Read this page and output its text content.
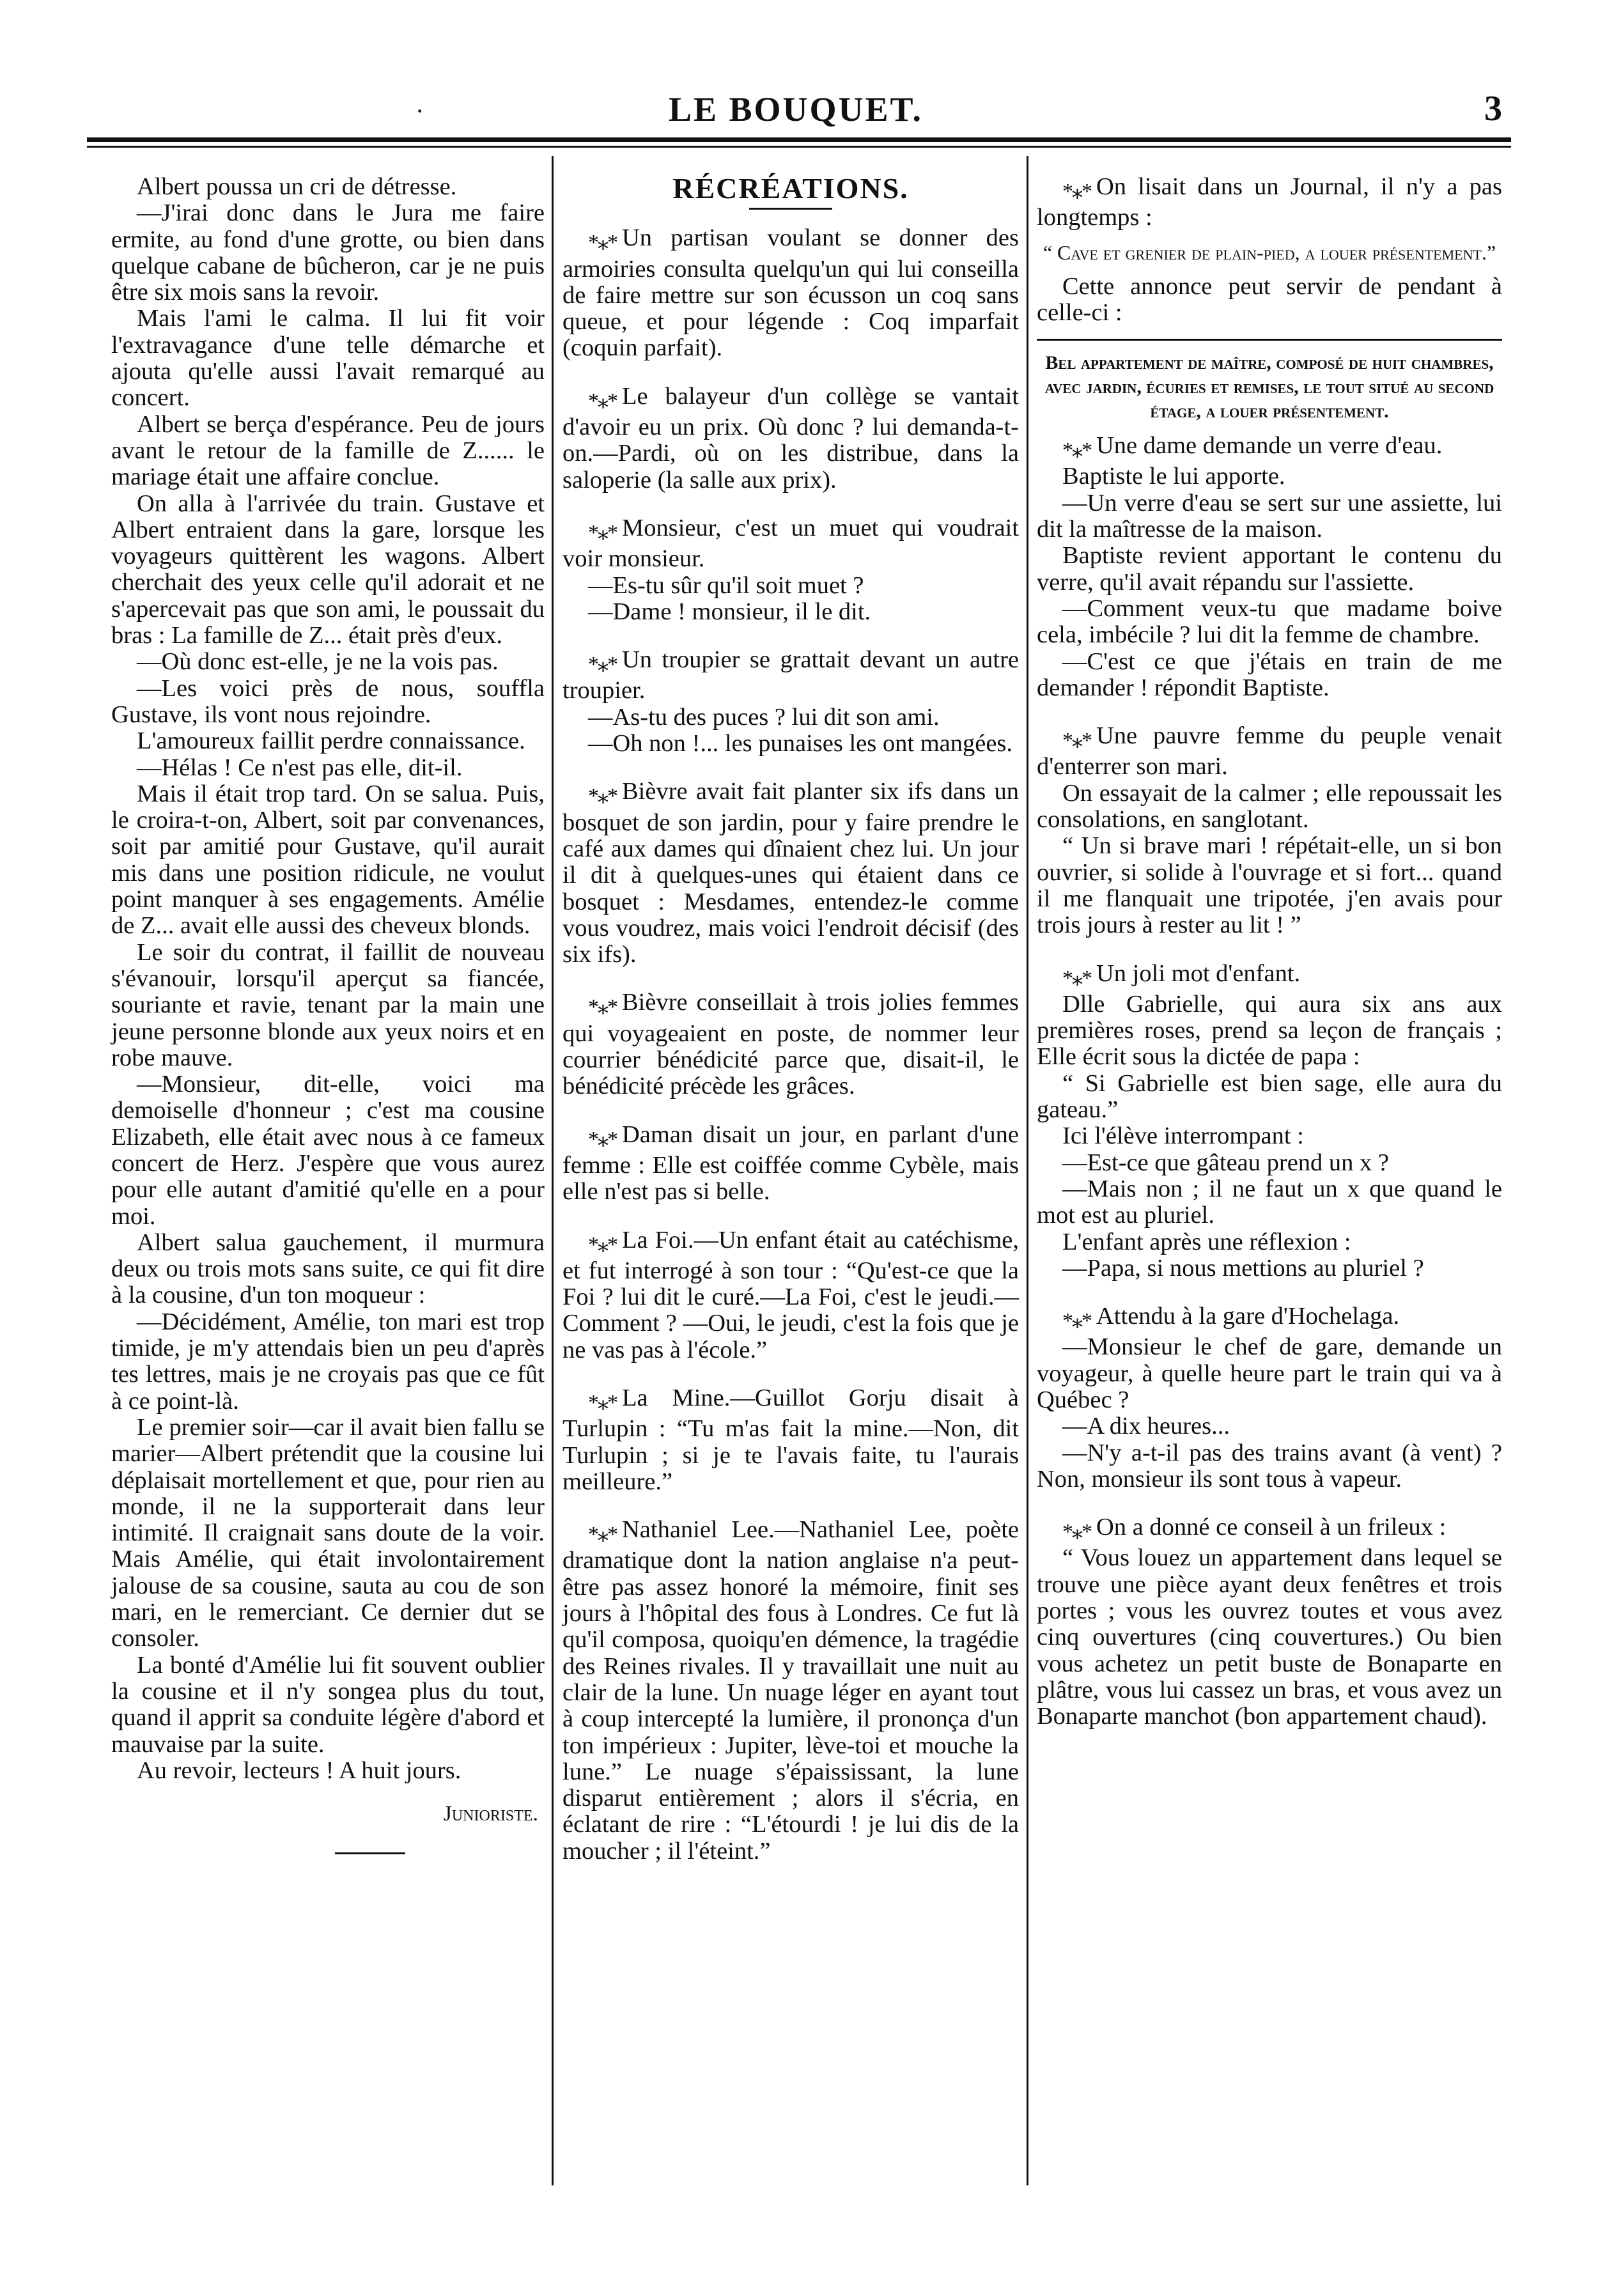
·	LE BOUQUET.	3

Albert poussa un cri de détresse.

—J'irai donc dans le Jura me faire ermite, au fond d'une grotte, ou bien dans quelque cabane de bûcheron, car je ne puis être six mois sans la revoir.

Mais l'ami le calma. Il lui fit voir l'extravagance d'une telle démarche et ajouta qu'elle aussi l'avait remarqué au concert.

Albert se berça d'espérance. Peu de jours avant le retour de la famille de Z...... le mariage était une affaire conclue.

On alla à l'arrivée du train. Gustave et Albert entraient dans la gare, lorsque les voyageurs quittèrent les wagons. Albert cherchait des yeux celle qu'il adorait et ne s'apercevait pas que son ami, le poussait du bras : La famille de Z... était près d'eux.

—Où donc est-elle, je ne la vois pas.

—Les voici près de nous, souffla Gustave, ils vont nous rejoindre.

L'amoureux faillit perdre connaissance.

—Hélas ! Ce n'est pas elle, dit-il.

Mais il était trop tard. On se salua. Puis, le croira-t-on, Albert, soit par convenances, soit par amitié pour Gustave, qu'il aurait mis dans une position ridicule, ne voulut point manquer à ses engagements. Amélie de Z... avait elle aussi des cheveux blonds.

Le soir du contrat, il faillit de nouveau s'évanouir, lorsqu'il aperçut sa fiancée, souriante et ravie, tenant par la main une jeune personne blonde aux yeux noirs et en robe mauve.

—Monsieur, dit-elle, voici ma demoiselle d'honneur ; c'est ma cousine Elizabeth, elle était avec nous à ce fameux concert de Herz. J'espère que vous aurez pour elle autant d'amitié qu'elle en a pour moi.

Albert salua gauchement, il murmura deux ou trois mots sans suite, ce qui fit dire à la cousine, d'un ton moqueur :

—Décidément, Amélie, ton mari est trop timide, je m'y attendais bien un peu d'après tes lettres, mais je ne croyais pas que ce fût à ce point-là.

Le premier soir—car il avait bien fallu se marier—Albert prétendit que la cousine lui déplaisait mortellement et que, pour rien au monde, il ne la supporterait dans leur intimité. Il craignait sans doute de la voir. Mais Amélie, qui était involontairement jalouse de sa cousine, sauta au cou de son mari, en le remerciant. Ce dernier dut se consoler.

La bonté d'Amélie lui fit souvent oublier la cousine et il n'y songea plus du tout, quand il apprit sa conduite légère d'abord et mauvaise par la suite.

Au revoir, lecteurs ! A huit jours.

Junioriste.
RÉCRÉATIONS.

*⁎* Un partisan voulant se donner des armoiries consulta quelqu'un qui lui conseilla de faire mettre sur son écusson un coq sans queue, et pour légende : Coq imparfait (coquin parfait).

*⁎* Le balayeur d'un collège se vantait d'avoir eu un prix. Où donc ? lui demanda-t-on.—Pardi, où on les distribue, dans la saloperie (la salle aux prix).

*⁎* Monsieur, c'est un muet qui voudrait voir monsieur.

—Es-tu sûr qu'il soit muet ?

—Dame ! monsieur, il le dit.

*⁎* Un troupier se grattait devant un autre troupier.

—As-tu des puces ? lui dit son ami.

—Oh non !... les punaises les ont mangées.

*⁎* Bièvre avait fait planter six ifs dans un bosquet de son jardin, pour y faire prendre le café aux dames qui dînaient chez lui. Un jour il dit à quelques-unes qui étaient dans ce bosquet : Mesdames, entendez-le comme vous voudrez, mais voici l'endroit décisif (des six ifs).

*⁎* Bièvre conseillait à trois jolies femmes qui voyageaient en poste, de nommer leur courrier bénédicité parce que, disait-il, le bénédicité précède les grâces.

*⁎* Daman disait un jour, en parlant d'une femme : Elle est coiffée comme Cybèle, mais elle n'est pas si belle.

*⁎* La Foi.—Un enfant était au catéchisme, et fut interrogé à son tour : “Qu'est-ce que la Foi ? lui dit le curé.—La Foi, c'est le jeudi.—Comment ? —Oui, le jeudi, c'est la fois que je ne vas pas à l'école.”

*⁎* La Mine.—Guillot Gorju disait à Turlupin : “Tu m'as fait la mine.—Non, dit Turlupin ; si je te l'avais faite, tu l'aurais meilleure.”

*⁎* Nathaniel Lee.—Nathaniel Lee, poète dramatique dont la nation anglaise n'a peut-être pas assez honoré la mémoire, finit ses jours à l'hôpital des fous à Londres. Ce fut là qu'il composa, quoiqu'en démence, la tragédie des Reines rivales. Il y travaillait une nuit au clair de la lune. Un nuage léger en ayant tout à coup intercepté la lumière, il prononça d'un ton impérieux : Jupiter, lève-toi et mouche la lune.” Le nuage s'épaississant, la lune disparut entièrement ; alors il s'écria, en éclatant de rire : “L'étourdi ! je lui dis de la moucher ; il l'éteint.”

*⁎* On lisait dans un Journal, il n'y a pas longtemps :

“ Cave et grenier de plain-pied, a louer présentement.”

Cette annonce peut servir de pendant à celle-ci :

Bel appartement de maître, composé de huit chambres, avec jardin, écuries et remises, le tout situé au second étage, a louer présentement.

*⁎* Une dame demande un verre d'eau.

Baptiste le lui apporte.

—Un verre d'eau se sert sur une assiette, lui dit la maîtresse de la maison.

Baptiste revient apportant le contenu du verre, qu'il avait répandu sur l'assiette.

—Comment veux-tu que madame boive cela, imbécile ? lui dit la femme de chambre.

—C'est ce que j'étais en train de me demander ! répondit Baptiste.

*⁎* Une pauvre femme du peuple venait d'enterrer son mari.

On essayait de la calmer ; elle repoussait les consolations, en sanglotant.

“ Un si brave mari ! répétait-elle, un si bon ouvrier, si solide à l'ouvrage et si fort... quand il me flanquait une tripotée, j'en avais pour trois jours à rester au lit ! ”

*⁎* Un joli mot d'enfant.

Dlle Gabrielle, qui aura six ans aux premières roses, prend sa leçon de français ; Elle écrit sous la dictée de papa :

“ Si Gabrielle est bien sage, elle aura du gateau.”

Ici l'élève interrompant :

—Est-ce que gâteau prend un x ?

—Mais non ; il ne faut un x que quand le mot est au pluriel.

L'enfant après une réflexion :

—Papa, si nous mettions au pluriel ?

*⁎* Attendu à la gare d'Hochelaga.

—Monsieur le chef de gare, demande un voyageur, à quelle heure part le train qui va à Québec ?

—A dix heures...

—N'y a-t-il pas des trains avant (à vent) ? Non, monsieur ils sont tous à vapeur.

*⁎* On a donné ce conseil à un frileux :

“ Vous louez un appartement dans lequel se trouve une pièce ayant deux fenêtres et trois portes ; vous les ouvrez toutes et vous avez cinq ouvertures (cinq couvertures.) Ou bien vous achetez un petit buste de Bonaparte en plâtre, vous lui cassez un bras, et vous avez un Bonaparte manchot (bon appartement chaud).
